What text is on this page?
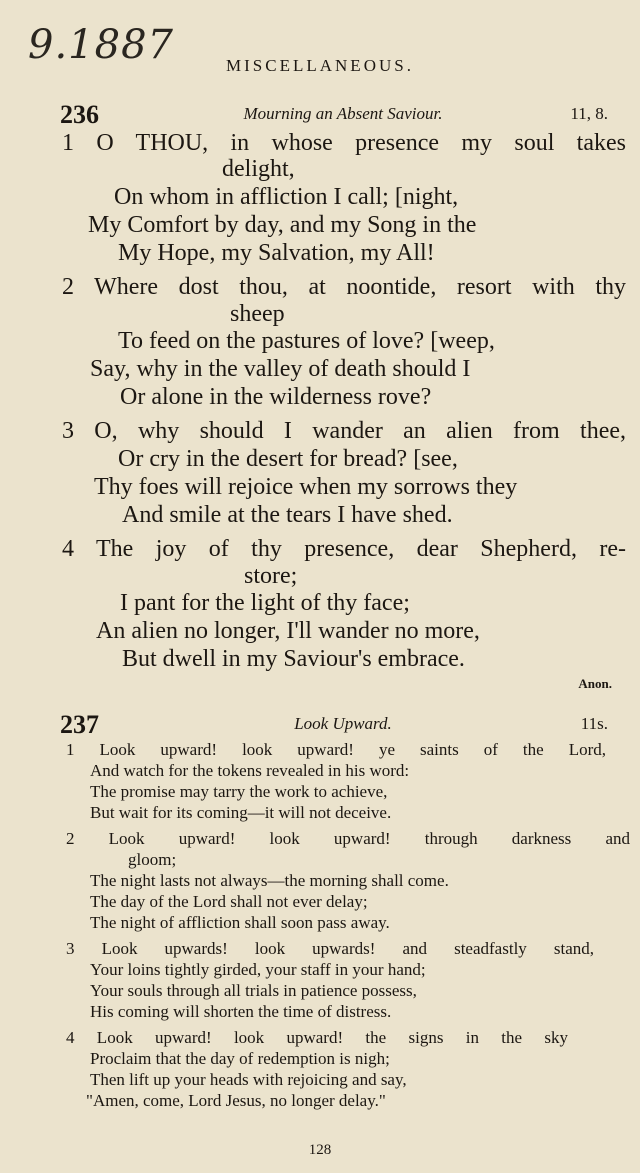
9.1887	MISCELLANEOUS.
236	Mourning an Absent Saviour.	11, 8.
1 O THOU, in whose presence my soul takes
delight,
On whom in affliction I call; [night,
My Comfort by day, and my Song in the
My Hope, my Salvation, my All!
2 Where dost thou, at noontide, resort with thy
sheep
To feed on the pastures of love? [weep,
Say, why in the valley of death should I
Or alone in the wilderness rove?
3 O, why should I wander an alien from thee,
Or cry in the desert for bread? [see,
Thy foes will rejoice when my sorrows they
And smile at the tears I have shed.
4 The joy of thy presence, dear Shepherd, re-
store;
I pant for the light of thy face;
An alien no longer, I'll wander no more,
But dwell in my Saviour's embrace.
Anon.
237	Look Upward.	11s.
1 Look upward! look upward! ye saints of the Lord,
And watch for the tokens revealed in his word:
The promise may tarry the work to achieve,
But wait for its coming—it will not deceive.
2 Look upward! look upward! through darkness and
gloom;
The night lasts not always—the morning shall come.
The day of the Lord shall not ever delay;
The night of affliction shall soon pass away.
3 Look upwards! look upwards! and steadfastly stand,
Your loins tightly girded, your staff in your hand;
Your souls through all trials in patience possess,
His coming will shorten the time of distress.
4 Look upward! look upward! the signs in the sky
Proclaim that the day of redemption is nigh;
Then lift up your heads with rejoicing and say,
"Amen, come, Lord Jesus, no longer delay."
128
